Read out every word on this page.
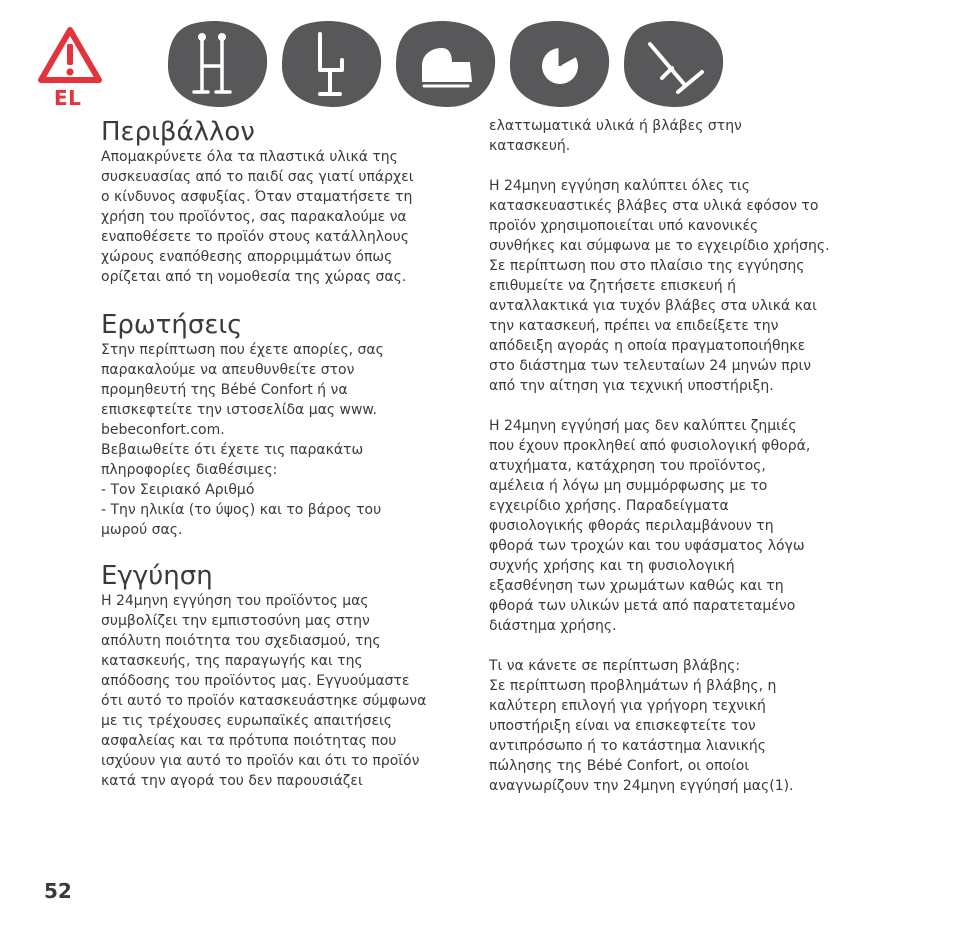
EL
Περιβάλλον

Απομακρύνετε όλα τα πλαστικά υλικά της
συσκευασίας από το παιδί σας γιατί υπάρχει
ο κίνδυνος ασφυξίας. Όταν σταματήσετε τη
χρήση του προϊόντος, σας παρακαλούμε να
εναποθέσετε το προϊόν στους κατάλληλους
χώρους εναπόθεσης απορριμμάτων όπως
ορίζεται από τη νομοθεσία της χώρας σας.

Ερωτήσεις

Στην περίπτωση που έχετε απορίες, σας
παρακαλούμε να απευθυνθείτε στον
προμηθευτή της Bébé Confort ή να
επισκεφτείτε την ιστοσελίδα μας www.
bebeconfort.com.
Βεβαιωθείτε ότι έχετε τις παρακάτω
πληροφορίες διαθέσιμες:
- Τον Σειριακό Αριθμό
- Την ηλικία (το ύψος) και το βάρος του
μωρού σας.

Εγγύηση

Η 24μηνη εγγύηση του προϊόντος μας
συμβολίζει την εμπιστοσύνη μας στην
απόλυτη ποιότητα του σχεδιασμού, της
κατασκευής, της παραγωγής και της
απόδοσης του προϊόντος μας. Εγγυούμαστε
ότι αυτό το προϊόν κατασκευάστηκε σύμφωνα
με τις τρέχουσες ευρωπαϊκές απαιτήσεις
ασφαλείας και τα πρότυπα ποιότητας που
ισχύουν για αυτό το προϊόν και ότι το προϊόν
κατά την αγορά του δεν παρουσιάζει

ελαττωματικά υλικά ή βλάβες στην
κατασκευή.

Η 24μηνη εγγύηση καλύπτει όλες τις
κατασκευαστικές βλάβες στα υλικά εφόσον το
προϊόν χρησιμοποιείται υπό κανονικές
συνθήκες και σύμφωνα με το εγχειρίδιο χρήσης.
Σε περίπτωση που στο πλαίσιο της εγγύησης
επιθυμείτε να ζητήσετε επισκευή ή
ανταλλακτικά για τυχόν βλάβες στα υλικά και
την κατασκευή, πρέπει να επιδείξετε την
απόδειξη αγοράς η οποία πραγματοποιήθηκε
στο διάστημα των τελευταίων 24 μηνών πριν
από την αίτηση για τεχνική υποστήριξη.

Η 24μηνη εγγύησή μας δεν καλύπτει ζημιές
που έχουν προκληθεί από φυσιολογική φθορά,
ατυχήματα, κατάχρηση του προϊόντος,
αμέλεια ή λόγω μη συμμόρφωσης με το
εγχειρίδιο χρήσης. Παραδείγματα
φυσιολογικής φθοράς περιλαμβάνουν τη
φθορά των τροχών και του υφάσματος λόγω
συχνής χρήσης και τη φυσιολογική
εξασθένηση των χρωμάτων καθώς και τη
φθορά των υλικών μετά από παρατεταμένο
διάστημα χρήσης.

Τι να κάνετε σε περίπτωση βλάβης:
Σε περίπτωση προβλημάτων ή βλάβης, η
καλύτερη επιλογή για γρήγορη τεχνική
υποστήριξη είναι να επισκεφτείτε τον
αντιπρόσωπο ή το κατάστημα λιανικής
πώλησης της Bébé Confort, οι οποίοι
αναγνωρίζουν την 24μηνη εγγύησή μας(1).

52
